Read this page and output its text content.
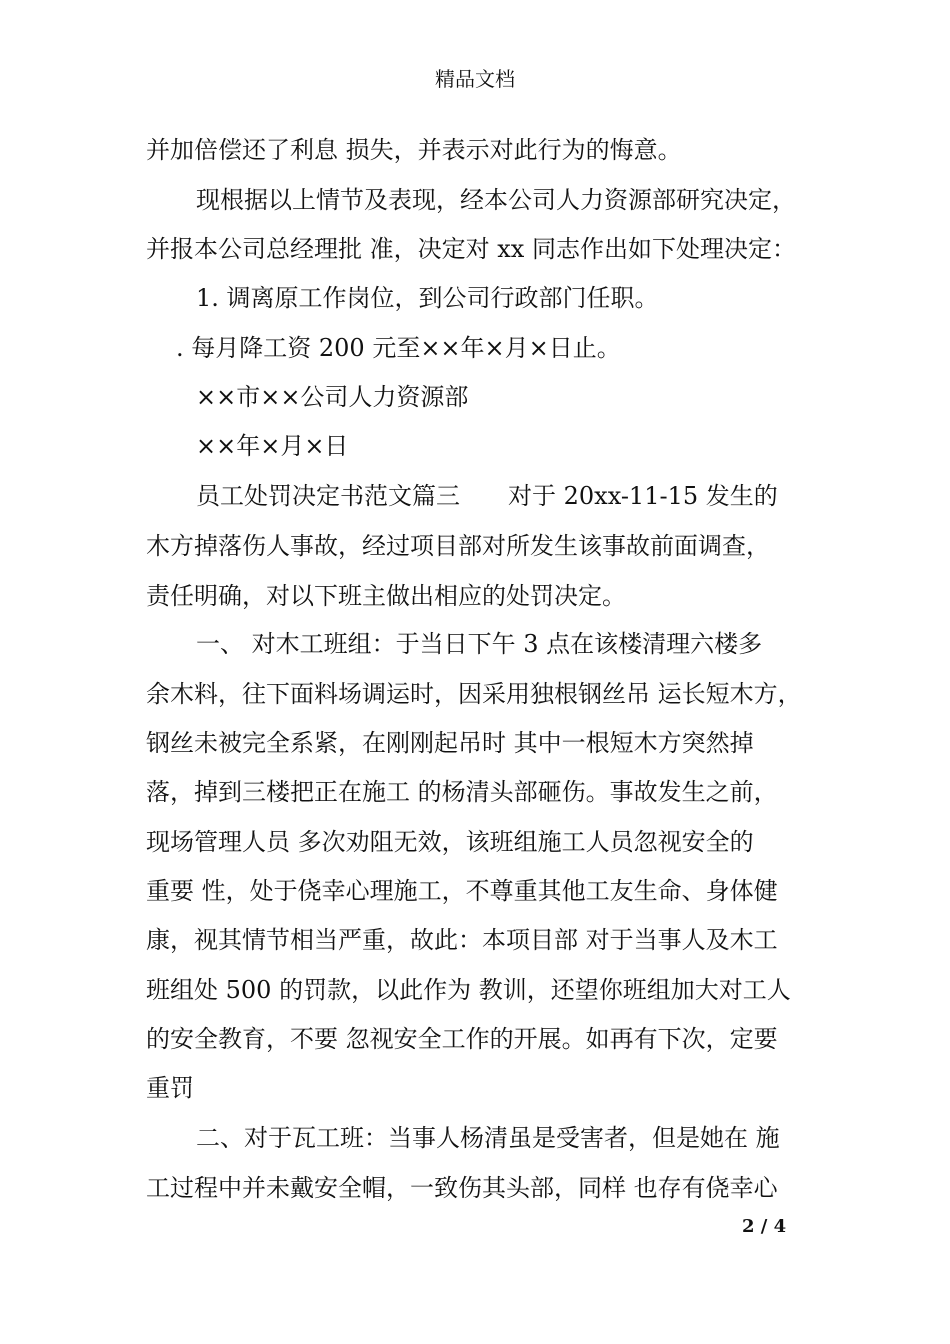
精品文档
并加倍偿还了利息 损失，并表示对此行为的悔意。
现根据以上情节及表现，经本公司人力资源部研究决定，
并报本公司总经理批 准，决定对 xx 同志作出如下处理决定：
1. 调离原工作岗位，到公司行政部门任职。
. 每月降工资 200 元至××年×月×日止。
××市××公司人力资源部
××年×月×日
员工处罚决定书范文篇三　　对于 20xx-11-15 发生的
木方掉落伤人事故，经过项目部对所发生该事故前面调查，
责任明确，对以下班主做出相应的处罚决定。
一、 对木工班组：于当日下午 3 点在该楼清理六楼多
余木料，往下面料场调运时，因采用独根钢丝吊 运长短木方，
钢丝未被完全系紧，在刚刚起吊时 其中一根短木方突然掉
落，掉到三楼把正在施工 的杨清头部砸伤。事故发生之前，
现场管理人员 多次劝阻无效，该班组施工人员忽视安全的
重要 性，处于侥幸心理施工，不尊重其他工友生命、身体健
康，视其情节相当严重，故此：本项目部 对于当事人及木工
班组处 500 的罚款，以此作为 教训，还望你班组加大对工人
的安全教育，不要 忽视安全工作的开展。如再有下次，定要
重罚
二、对于瓦工班：当事人杨清虽是受害者，但是她在 施
工过程中并未戴安全帽，一致伤其头部，同样 也存有侥幸心
2 / 4
